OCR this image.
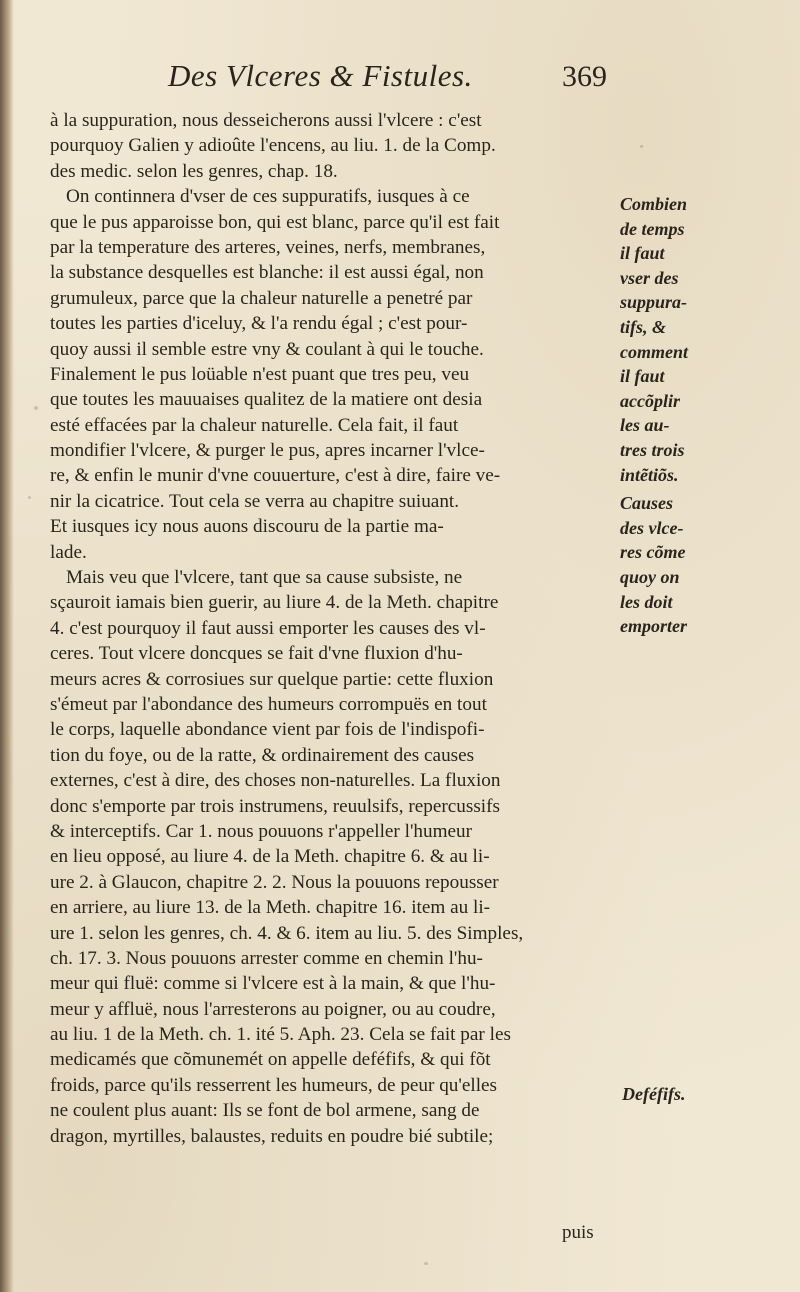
Des Vlceres & Fistules.	369
à la suppuration, nous desseicherons aussi l'vlcere : c'est
pourquoy Galien y adioûte l'encens, au liu. 1. de la Comp.
des medic. selon les genres, chap. 18.
On continnera d'vser de ces suppuratifs, iusques à ce
que le pus apparoisse bon, qui est blanc, parce qu'il est fait
par la temperature des arteres, veines, nerfs, membranes,
la substance desquelles est blanche: il est aussi égal, non
grumuleux, parce que la chaleur naturelle a penetré par
toutes les parties d'iceluy, & l'a rendu égal ; c'est pour-
quoy aussi il semble estre vny & coulant à qui le touche.
Finalement le pus loüable n'est puant que tres peu, veu
que toutes les mauuaises qualitez de la matiere ont desia
esté effacées par la chaleur naturelle. Cela fait, il faut
mondifier l'vlcere, & purger le pus, apres incarner l'vlce-
re, & enfin le munir d'vne couuerture, c'est à dire, faire ve-
nir la cicatrice. Tout cela se verra au chapitre suiuant.
Et iusques icy nous auons discouru de la partie ma-
lade.
Mais veu que l'vlcere, tant que sa cause subsiste, ne
sçauroit iamais bien guerir, au liure 4. de la Meth. chapitre
4. c'est pourquoy il faut aussi emporter les causes des vl-
ceres. Tout vlcere doncques se fait d'vne fluxion d'hu-
meurs acres & corrosiues sur quelque partie: cette fluxion
s'émeut par l'abondance des humeurs corrompuës en tout
le corps, laquelle abondance vient par fois de l'indispofi-
tion du foye, ou de la ratte, & ordinairement des causes
externes, c'est à dire, des choses non-naturelles. La fluxion
donc s'emporte par trois instrumens, reuulsifs, repercussifs
& interceptifs. Car 1. nous pouuons r'appeller l'humeur
en lieu opposé, au liure 4. de la Meth. chapitre 6. & au li-
ure 2. à Glaucon, chapitre 2. 2. Nous la pouuons repousser
en arriere, au liure 13. de la Meth. chapitre 16. item au li-
ure 1. selon les genres, ch. 4. & 6. item au liu. 5. des Simples,
ch. 17. 3. Nous pouuons arrester comme en chemin l'hu-
meur qui fluë: comme si l'vlcere est à la main, & que l'hu-
meur y affluë, nous l'arresterons au poigner, ou au coudre,
au liu. 1 de la Meth. ch. 1. ité 5. Aph. 23. Cela se fait par les
medicamés que cõmunemét on appelle deféfifs, & qui fõt
froids, parce qu'ils resserrent les humeurs, de peur qu'elles
ne coulent plus auant: Ils se font de bol armene, sang de
dragon, myrtilles, balaustes, reduits en poudre bié subtile;
Combien
de temps
il faut
vser des
suppura-
tifs, &
comment
il faut
accõplir
les au-
tres trois
intẽtiõs.
Causes
des vlce-
res cõme
quoy on
les doit
emporter
Deféfifs.
puis
